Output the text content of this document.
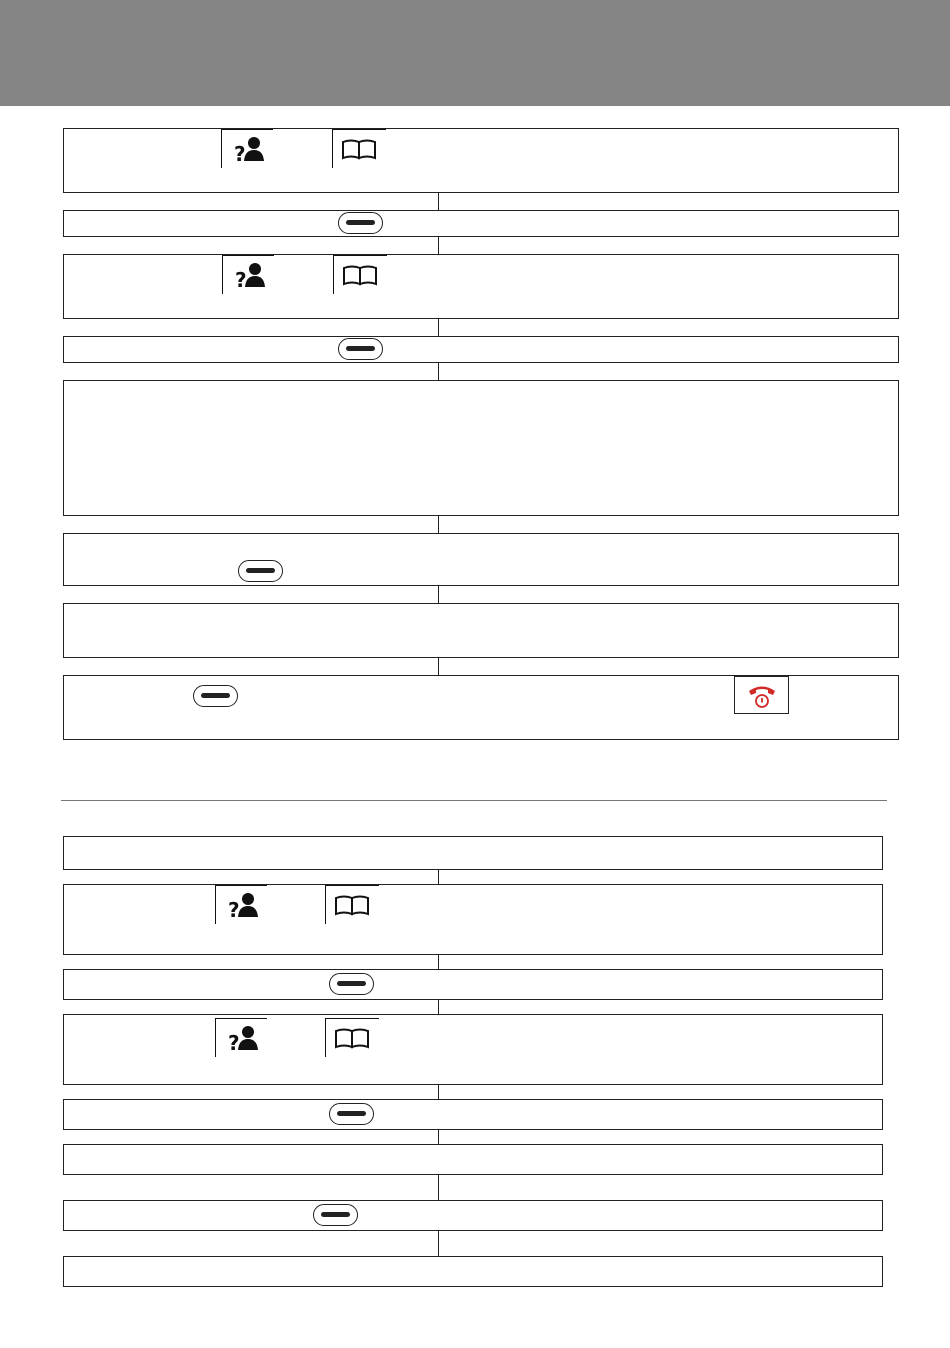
?
?
?
?
